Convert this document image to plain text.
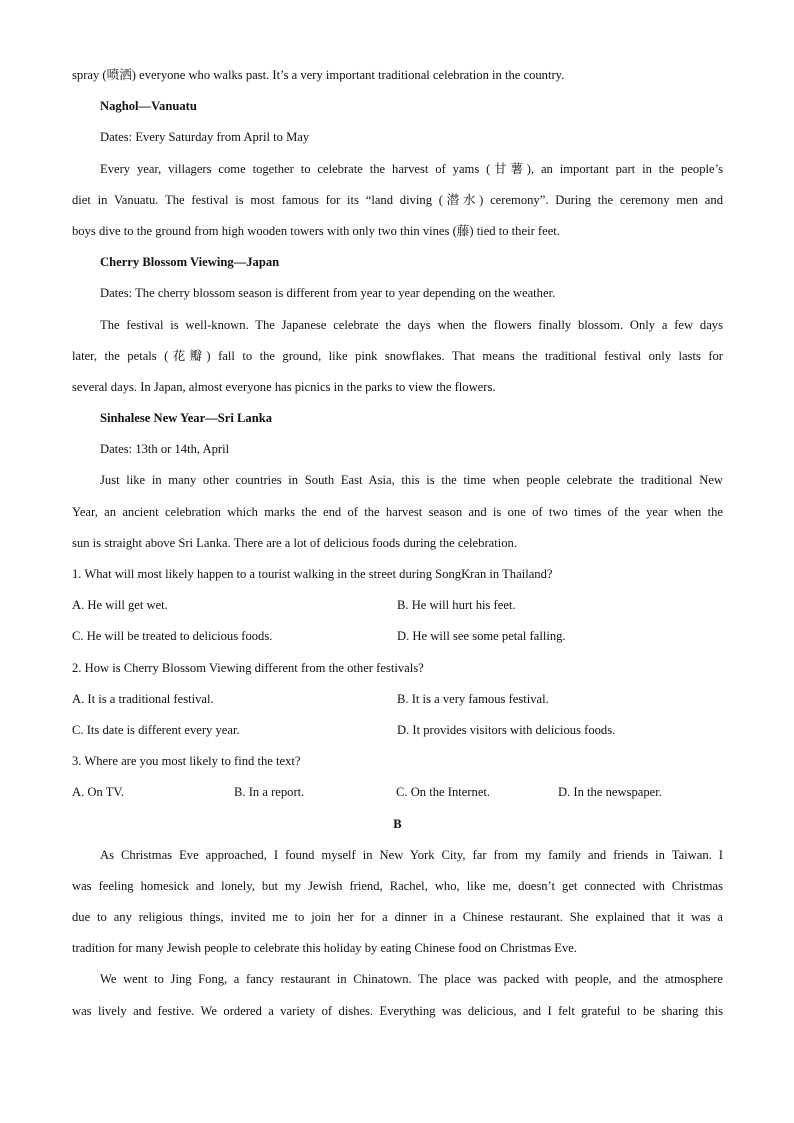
spray (喷洒) everyone who walks past. It’s a very important traditional celebration in the country.
Naghol—Vanuatu
Dates: Every Saturday from April to May
Every year, villagers come together to celebrate the harvest of yams (甘薯), an important part in the people’s
diet in Vanuatu. The festival is most famous for its “land diving (潜水) ceremony”. During the ceremony men and
boys dive to the ground from high wooden towers with only two thin vines (藤) tied to their feet.
Cherry Blossom Viewing—Japan
Dates: The cherry blossom season is different from year to year depending on the weather.
The festival is well-known. The Japanese celebrate the days when the flowers finally blossom. Only a few days
later, the petals (花瓣) fall to the ground, like pink snowflakes. That means the traditional festival only lasts for
several days. In Japan, almost everyone has picnics in the parks to view the flowers.
Sinhalese New Year—Sri Lanka
Dates: 13th or 14th, April
Just like in many other countries in South East Asia, this is the time when people celebrate the traditional New
Year, an ancient celebration which marks the end of the harvest season and is one of two times of the year when the
sun is straight above Sri Lanka. There are a lot of delicious foods during the celebration.
1. What will most likely happen to a tourist walking in the street during SongKran in Thailand?
A. He will get wet.	B. He will hurt his feet.
C. He will be treated to delicious foods.	D. He will see some petal falling.
2. How is Cherry Blossom Viewing different from the other festivals?
A. It is a traditional festival.	B. It is a very famous festival.
C. Its date is different every year.	D. It provides visitors with delicious foods.
3. Where are you most likely to find the text?
A. On TV.	B. In a report.	C. On the Internet.	D. In the newspaper.
B
As Christmas Eve approached, I found myself in New York City, far from my family and friends in Taiwan. I
was feeling homesick and lonely, but my Jewish friend, Rachel, who, like me, doesn’t get connected with Christmas
due to any religious things, invited me to join her for a dinner in a Chinese restaurant. She explained that it was a
tradition for many Jewish people to celebrate this holiday by eating Chinese food on Christmas Eve.
We went to Jing Fong, a fancy restaurant in Chinatown. The place was packed with people, and the atmosphere
was lively and festive. We ordered a variety of dishes. Everything was delicious, and I felt grateful to be sharing this
